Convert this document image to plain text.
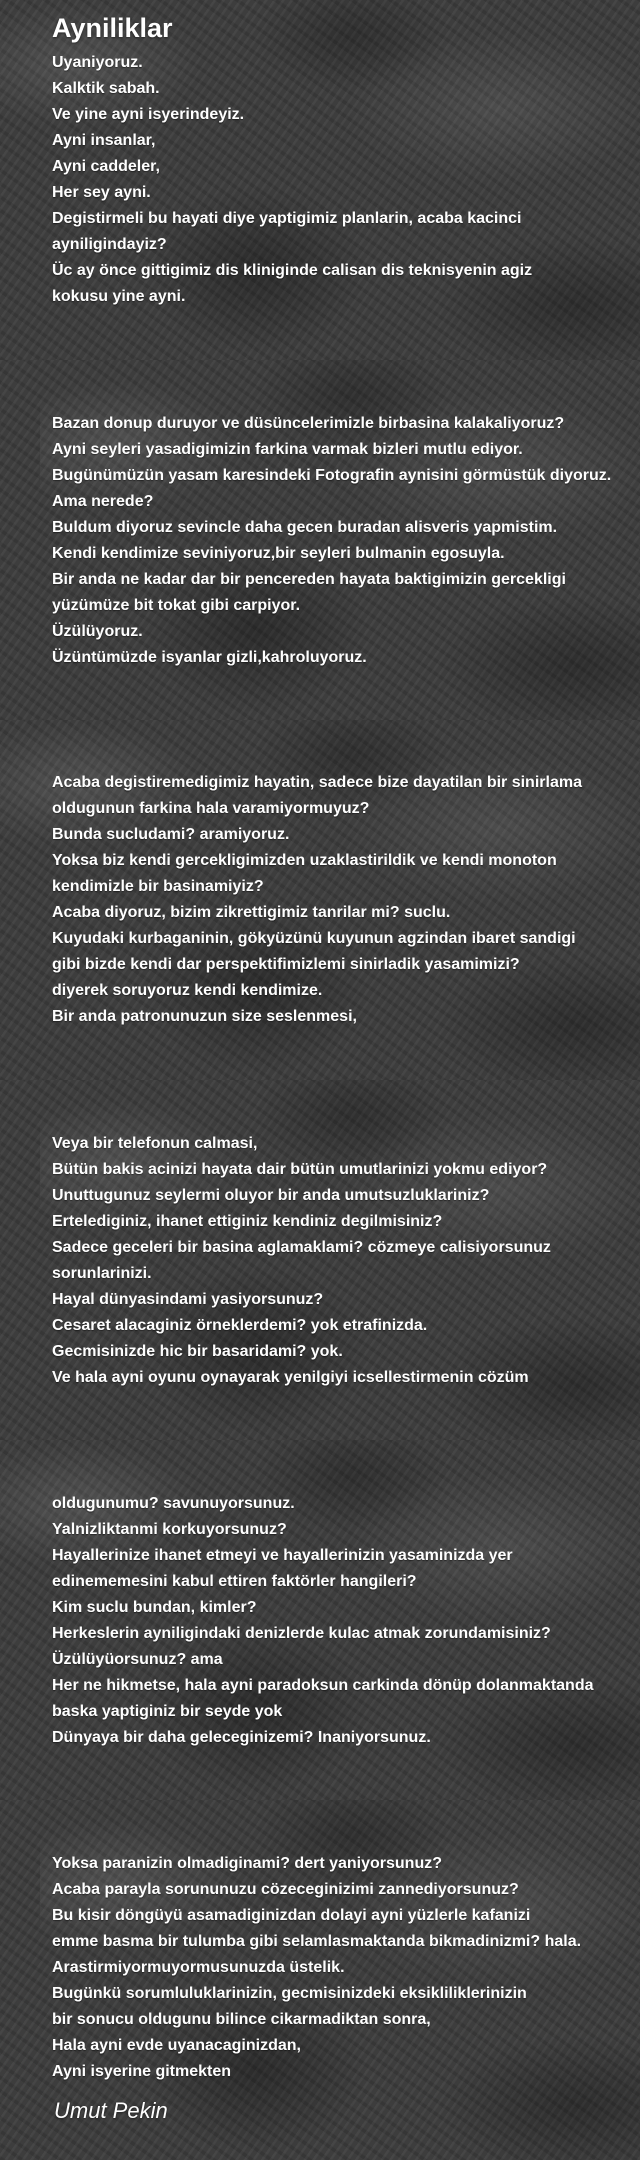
Ayniliklar
Uyaniyoruz.
Kalktik sabah.
Ve yine ayni isyerindeyiz.
Ayni insanlar,
Ayni caddeler,
Her sey ayni.
Degistirmeli bu hayati diye yaptigimiz planlarin, acaba kacinci
ayniligindayiz?
Üc ay önce gittigimiz dis kliniginde calisan dis teknisyenin agiz
kokusu yine ayni.
Bazan donup duruyor ve düsüncelerimizle birbasina kalakaliyoruz?
Ayni seyleri yasadigimizin farkina varmak bizleri mutlu ediyor.
Bugünümüzün yasam karesindeki Fotografin aynisini görmüstük diyoruz.
Ama nerede?
Buldum diyoruz sevincle daha gecen buradan alisveris yapmistim.
Kendi kendimize seviniyoruz,bir seyleri bulmanin egosuyla.
Bir anda ne kadar dar bir pencereden hayata baktigimizin gercekligi
yüzümüze bit tokat gibi carpiyor.
Üzülüyoruz.
Üzüntümüzde isyanlar gizli,kahroluyoruz.
Acaba degistiremedigimiz hayatin, sadece bize dayatilan bir sinirlama
oldugunun farkina hala varamiyormuyuz?
Bunda sucludami? aramiyoruz.
Yoksa biz kendi gercekligimizden uzaklastirildik ve kendi monoton
kendimizle bir basinamiyiz?
Acaba diyoruz, bizim zikrettigimiz tanrilar mi? suclu.
Kuyudaki kurbaganinin, gökyüzünü kuyunun agzindan ibaret sandigi
gibi bizde kendi dar perspektifimizlemi sinirladik yasamimizi?
diyerek soruyoruz kendi kendimize.
Bir anda patronunuzun size seslenmesi,
Veya bir telefonun calmasi,
Bütün bakis acinizi hayata dair bütün umutlarinizi yokmu ediyor?
Unuttugunuz seylermi oluyor bir anda umutsuzluklariniz?
Ertelediginiz, ihanet ettiginiz kendiniz degilmisiniz?
Sadece geceleri bir basina aglamaklami? cözmeye calisiyorsunuz
sorunlarinizi.
Hayal dünyasindami yasiyorsunuz?
Cesaret alacaginiz örneklerdemi? yok etrafinizda.
Gecmisinizde hic bir basaridami? yok.
Ve hala ayni oyunu oynayarak yenilgiyi icsellestirmenin cözüm
oldugunumu? savunuyorsunuz.
Yalnizliktanmi korkuyorsunuz?
Hayallerinize ihanet etmeyi ve hayallerinizin yasaminizda yer
edinememesini kabul ettiren faktörler hangileri?
Kim suclu bundan, kimler?
Herkeslerin ayniligindaki denizlerde kulac atmak zorundamisiniz?
Üzülüyüorsunuz? ama
Her ne hikmetse, hala ayni paradoksun carkinda dönüp dolanmaktanda
baska yaptiginiz bir seyde yok
Dünyaya bir daha geleceginizemi? Inaniyorsunuz.
Yoksa paranizin olmadiginami? dert yaniyorsunuz?
Acaba parayla sorununuzu cözeceginizimi zannediyorsunuz?
Bu kisir döngüyü asamadiginizdan dolayi ayni yüzlerle kafanizi
emme basma bir tulumba gibi selamlasmaktanda bikmadinizmi? hala.
Arastirmiyormuyormusunuzda üstelik.
Bugünkü sorumluluklarinizin, gecmisinizdeki eksikliliklerinizin
bir sonucu oldugunu bilince cikarmadiktan sonra,
Hala ayni evde uyanacaginizdan,
Ayni isyerine gitmekten
Umut Pekin
